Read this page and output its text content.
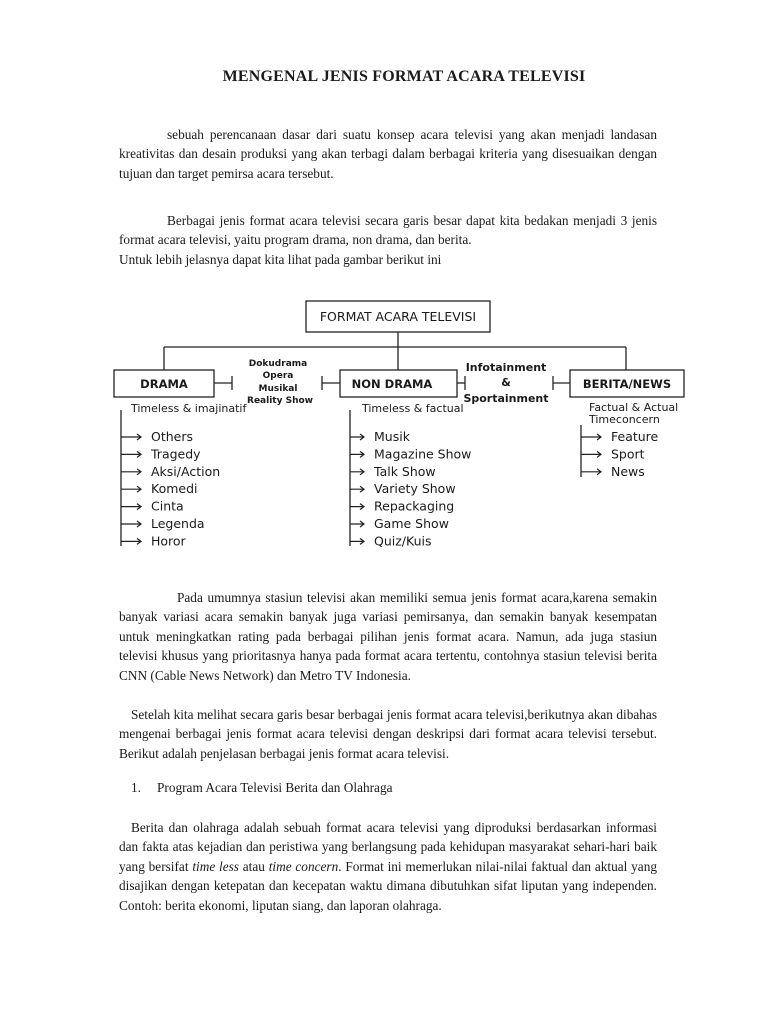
MENGENAL JENIS FORMAT ACARA TELEVISI

sebuah perencanaan dasar dari suatu konsep acara televisi yang akan menjadi landasan kreativitas dan desain produksi yang akan terbagi dalam berbagai kriteria yang disesuaikan dengan tujuan dan target pemirsa acara tersebut.

Berbagai jenis format acara televisi secara garis besar dapat kita bedakan menjadi 3 jenis format acara televisi, yaitu program drama, non drama, dan berita.

Untuk lebih jelasnya dapat kita lihat pada gambar berikut ini

FORMAT ACARA TELEVISI
DRAMA	NON DRAMA	BERITA/NEWS
Dokudrama
Opera
Musikal
Reality Show
Infotainment
&
Sportainment
Timeless & imajinatif	Timeless & factual	Factual & Actual
Timeconcern
Others
Tragedy
Aksi/Action
Komedi
Cinta
Legenda
Horor
Musik
Magazine Show
Talk Show
Variety Show
Repackaging
Game Show
Quiz/Kuis
Feature
Sport
News

Pada umumnya stasiun televisi akan memiliki semua jenis format acara,karena semakin banyak variasi acara semakin banyak juga variasi pemirsanya, dan semakin banyak kesempatan untuk meningkatkan rating pada berbagai pilihan jenis format acara. Namun, ada juga stasiun televisi khusus yang prioritasnya hanya pada format acara tertentu, contohnya stasiun televisi berita CNN (Cable News Network) dan Metro TV Indonesia.

Setelah kita melihat secara garis besar berbagai jenis format acara televisi,berikutnya akan dibahas mengenai berbagai jenis format acara televisi dengan deskripsi dari format acara televisi tersebut. Berikut adalah penjelasan berbagai jenis format acara televisi.

1. Program Acara Televisi Berita dan Olahraga

Berita dan olahraga adalah sebuah format acara televisi yang diproduksi berdasarkan informasi dan fakta atas kejadian dan peristiwa yang berlangsung pada kehidupan masyarakat sehari-hari baik yang bersifat time less atau time concern. Format ini memerlukan nilai-nilai faktual dan aktual yang disajikan dengan ketepatan dan kecepatan waktu dimana dibutuhkan sifat liputan yang independen. Contoh: berita ekonomi, liputan siang, dan laporan olahraga.
